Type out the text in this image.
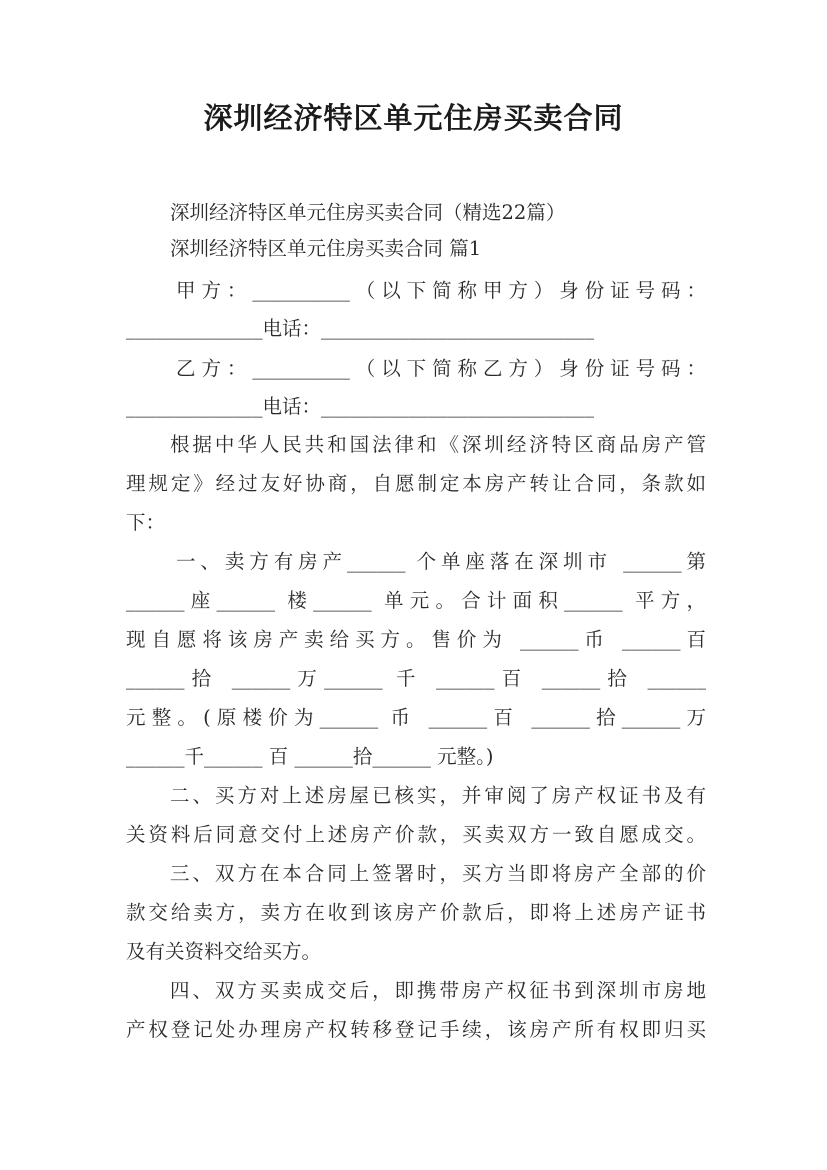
深圳经济特区单元住房买卖合同
深圳经济特区单元住房买卖合同（精选22篇）
深圳经济特区单元住房买卖合同 篇1
甲方：__________（以下简称甲方）身份证号码：
______________电话：____________________________
乙方：__________（以下简称乙方）身份证号码：
______________电话：____________________________
根据中华人民共和国法律和《深圳经济特区商品房产管
理规定》经过友好协商，自愿制定本房产转让合同，条款如
下：
一、卖方有房产______ 个单座落在深圳市 ______第
______座______ 楼______ 单元。合计面积______ 平方，
现自愿将该房产卖给买方。售价为 ______币 ______百
______拾 ______万______ 千 ______百 ______拾 ______
元整。(原楼价为______ 币 ______百 ______拾______万
______千______ 百 ______拾______ 元整。)
二、买方对上述房屋已核实，并审阅了房产权证书及有
关资料后同意交付上述房产价款，买卖双方一致自愿成交。
三、双方在本合同上签署时，买方当即将房产全部的价
款交给卖方，卖方在收到该房产价款后，即将上述房产证书
及有关资料交给买方。
四、双方买卖成交后，即携带房产权征书到深圳市房地
产权登记处办理房产权转移登记手续，该房产所有权即归买
